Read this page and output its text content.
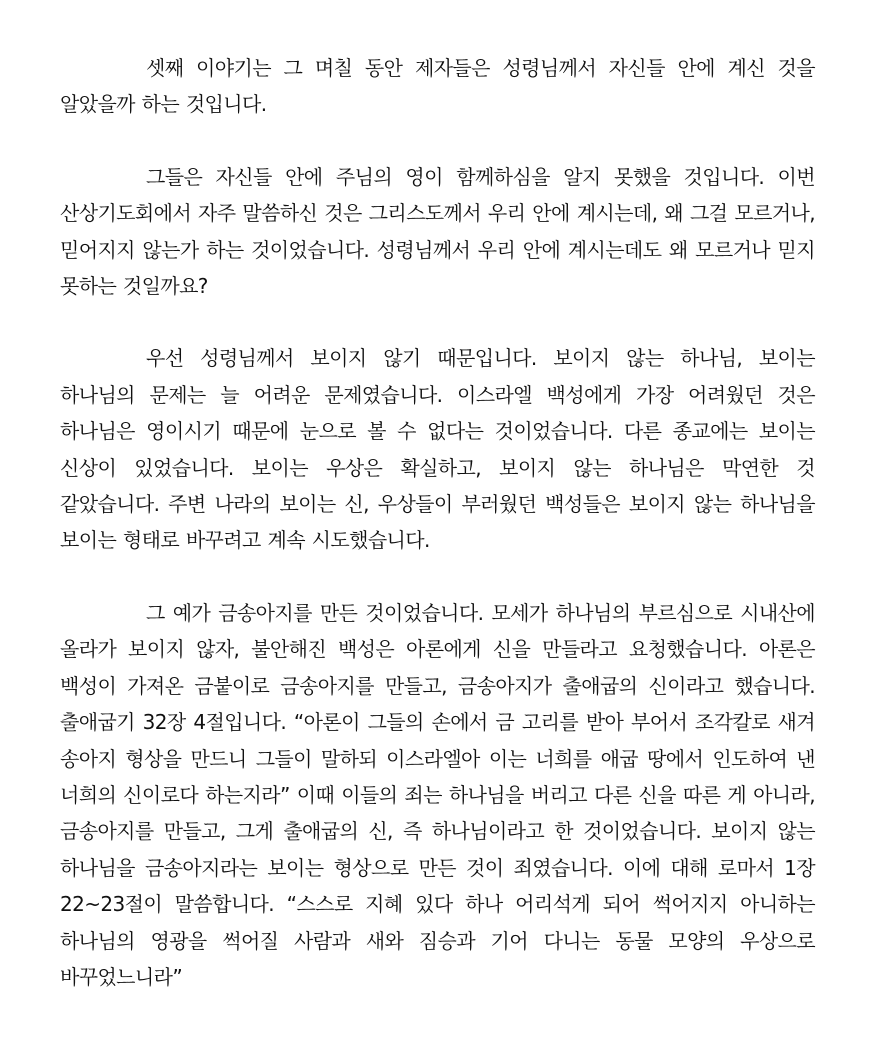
셋째 이야기는 그 며칠 동안 제자들은 성령님께서 자신들 안에 계신 것을 알았을까 하는 것입니다.

그들은 자신들 안에 주님의 영이 함께하심을 알지 못했을 것입니다. 이번 산상기도회에서 자주 말씀하신 것은 그리스도께서 우리 안에 계시는데, 왜 그걸 모르거나, 믿어지지 않는가 하는 것이었습니다. 성령님께서 우리 안에 계시는데도 왜 모르거나 믿지 못하는 것일까요?

우선 성령님께서 보이지 않기 때문입니다. 보이지 않는 하나님, 보이는 하나님의 문제는 늘 어려운 문제였습니다. 이스라엘 백성에게 가장 어려웠던 것은 하나님은 영이시기 때문에 눈으로 볼 수 없다는 것이었습니다. 다른 종교에는 보이는 신상이 있었습니다. 보이는 우상은 확실하고, 보이지 않는 하나님은 막연한 것 같았습니다. 주변 나라의 보이는 신, 우상들이 부러웠던 백성들은 보이지 않는 하나님을 보이는 형태로 바꾸려고 계속 시도했습니다.

그 예가 금송아지를 만든 것이었습니다. 모세가 하나님의 부르심으로 시내산에 올라가 보이지 않자, 불안해진 백성은 아론에게 신을 만들라고 요청했습니다. 아론은 백성이 가져온 금붙이로 금송아지를 만들고, 금송아지가 출애굽의 신이라고 했습니다. 출애굽기 32장 4절입니다. “아론이 그들의 손에서 금 고리를 받아 부어서 조각칼로 새겨 송아지 형상을 만드니 그들이 말하되 이스라엘아 이는 너희를 애굽 땅에서 인도하여 낸 너희의 신이로다 하는지라” 이때 이들의 죄는 하나님을 버리고 다른 신을 따른 게 아니라, 금송아지를 만들고, 그게 출애굽의 신, 즉 하나님이라고 한 것이었습니다. 보이지 않는 하나님을 금송아지라는 보이는 형상으로 만든 것이 죄였습니다. 이에 대해 로마서 1장 22~23절이 말씀합니다. “스스로 지혜 있다 하나 어리석게 되어 썩어지지 아니하는 하나님의 영광을 썩어질 사람과 새와 짐승과 기어 다니는 동물 모양의 우상으로 바꾸었느니라”
